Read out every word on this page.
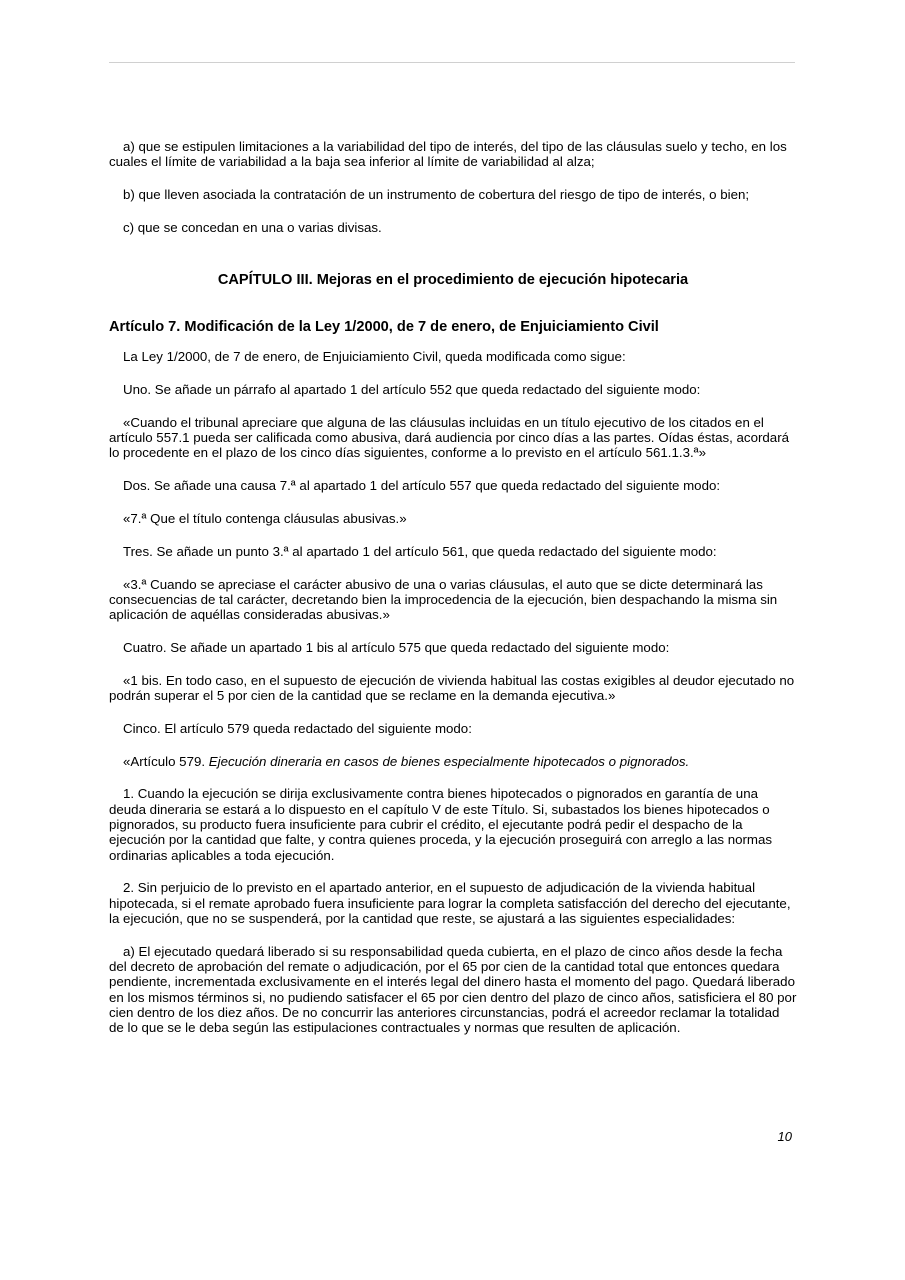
a) que se estipulen limitaciones a la variabilidad del tipo de interés, del tipo de las cláusulas suelo y techo, en los cuales el límite de variabilidad a la baja sea inferior al límite de variabilidad al alza;

b) que lleven asociada la contratación de un instrumento de cobertura del riesgo de tipo de interés, o bien;

c) que se concedan en una o varias divisas.

CAPÍTULO III. Mejoras en el procedimiento de ejecución hipotecaria
Artículo 7. Modificación de la Ley 1/2000, de 7 de enero, de Enjuiciamiento Civil

La Ley 1/2000, de 7 de enero, de Enjuiciamiento Civil, queda modificada como sigue:

Uno. Se añade un párrafo al apartado 1 del artículo 552 que queda redactado del siguiente modo:

«Cuando el tribunal apreciare que alguna de las cláusulas incluidas en un título ejecutivo de los citados en el artículo 557.1 pueda ser calificada como abusiva, dará audiencia por cinco días a las partes. Oídas éstas, acordará lo procedente en el plazo de los cinco días siguientes, conforme a lo previsto en el artículo 561.1.3.ª»

Dos. Se añade una causa 7.ª al apartado 1 del artículo 557 que queda redactado del siguiente modo:

«7.ª Que el título contenga cláusulas abusivas.»

Tres. Se añade un punto 3.ª al apartado 1 del artículo 561, que queda redactado del siguiente modo:

«3.ª Cuando se apreciase el carácter abusivo de una o varias cláusulas, el auto que se dicte determinará las consecuencias de tal carácter, decretando bien la improcedencia de la ejecución, bien despachando la misma sin aplicación de aquéllas consideradas abusivas.»

Cuatro. Se añade un apartado 1 bis al artículo 575 que queda redactado del siguiente modo:

«1 bis. En todo caso, en el supuesto de ejecución de vivienda habitual las costas exigibles al deudor ejecutado no podrán superar el 5 por cien de la cantidad que se reclame en la demanda ejecutiva.»

Cinco. El artículo 579 queda redactado del siguiente modo:

«Artículo 579. Ejecución dineraria en casos de bienes especialmente hipotecados o pignorados.

1. Cuando la ejecución se dirija exclusivamente contra bienes hipotecados o pignorados en garantía de una deuda dineraria se estará a lo dispuesto en el capítulo V de este Título. Si, subastados los bienes hipotecados o pignorados, su producto fuera insuficiente para cubrir el crédito, el ejecutante podrá pedir el despacho de la ejecución por la cantidad que falte, y contra quienes proceda, y la ejecución proseguirá con arreglo a las normas ordinarias aplicables a toda ejecución.

2. Sin perjuicio de lo previsto en el apartado anterior, en el supuesto de adjudicación de la vivienda habitual hipotecada, si el remate aprobado fuera insuficiente para lograr la completa satisfacción del derecho del ejecutante, la ejecución, que no se suspenderá, por la cantidad que reste, se ajustará a las siguientes especialidades:

a) El ejecutado quedará liberado si su responsabilidad queda cubierta, en el plazo de cinco años desde la fecha del decreto de aprobación del remate o adjudicación, por el 65 por cien de la cantidad total que entonces quedara pendiente, incrementada exclusivamente en el interés legal del dinero hasta el momento del pago. Quedará liberado en los mismos términos si, no pudiendo satisfacer el 65 por cien dentro del plazo de cinco años, satisficiera el 80 por cien dentro de los diez años. De no concurrir las anteriores circunstancias, podrá el acreedor reclamar la totalidad de lo que se le deba según las estipulaciones contractuales y normas que resulten de aplicación.

10
